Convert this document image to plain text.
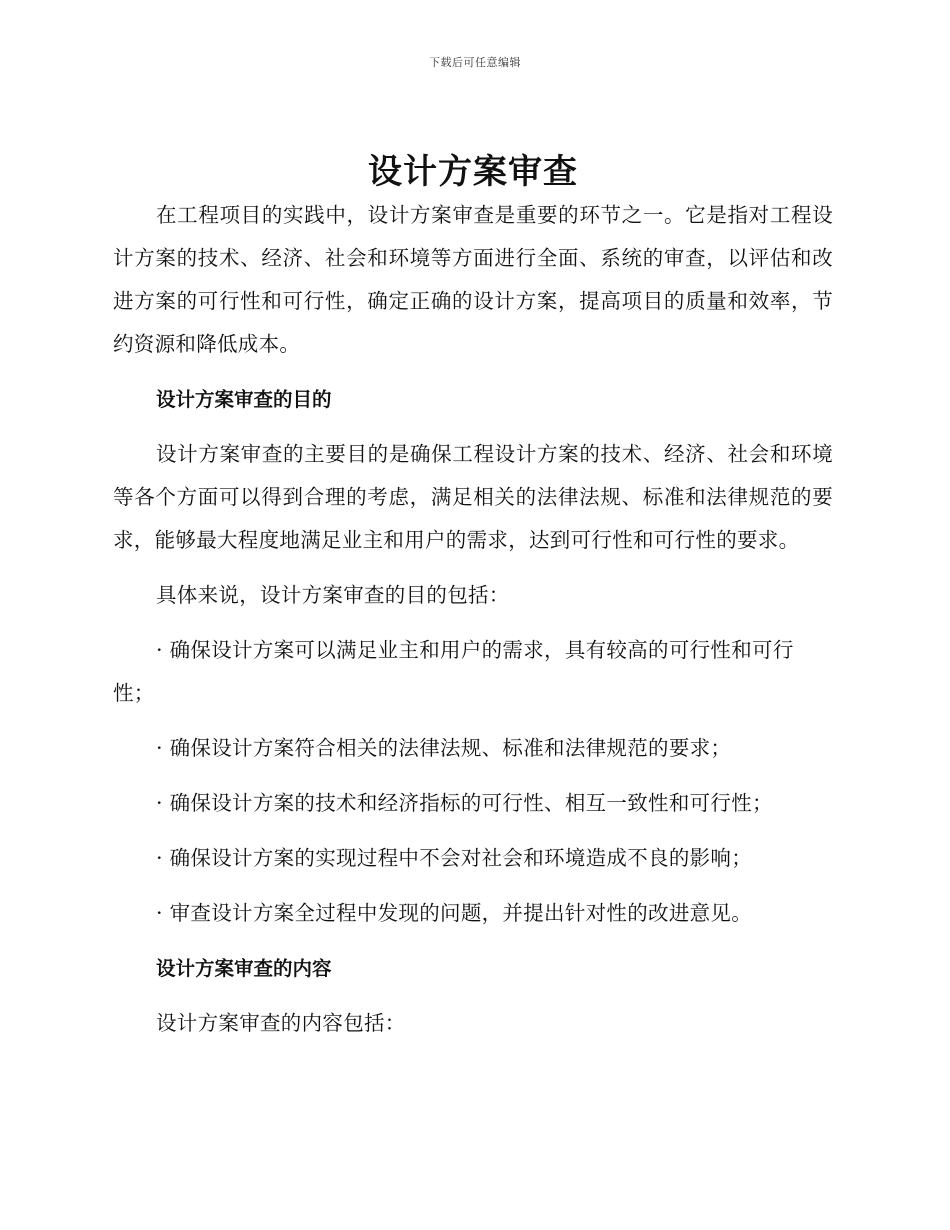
下载后可任意编辑
设计方案审查

在工程项目的实践中，设计方案审查是重要的环节之一。它是指对工程设计方案的技术、经济、社会和环境等方面进行全面、系统的审查，以评估和改进方案的可行性和可行性，确定正确的设计方案，提高项目的质量和效率，节约资源和降低成本。

设计方案审查的目的

设计方案审查的主要目的是确保工程设计方案的技术、经济、社会和环境等各个方面可以得到合理的考虑，满足相关的法律法规、标准和法律规范的要求，能够最大程度地满足业主和用户的需求，达到可行性和可行性的要求。

具体来说，设计方案审查的目的包括：

· 确保设计方案可以满足业主和用户的需求，具有较高的可行性和可行性；

· 确保设计方案符合相关的法律法规、标准和法律规范的要求；

· 确保设计方案的技术和经济指标的可行性、相互一致性和可行性；

· 确保设计方案的实现过程中不会对社会和环境造成不良的影响；

· 审查设计方案全过程中发现的问题，并提出针对性的改进意见。

设计方案审查的内容

设计方案审查的内容包括：
